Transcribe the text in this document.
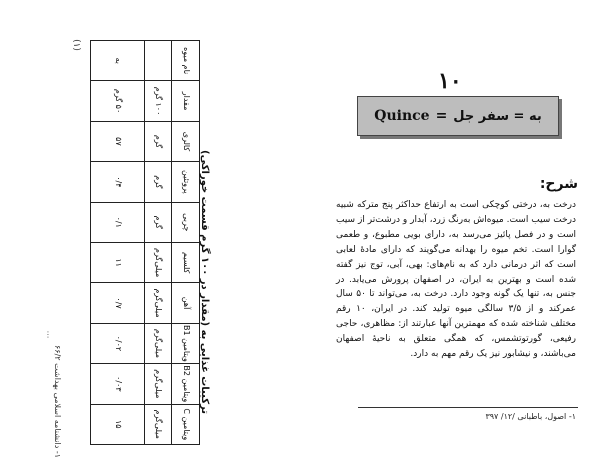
(۱)
نام میوه	مقدار	کالری	پروتئین	چربی	کلسیم	آهن	ویتامین B1	ویتامین B2	ویتامین C
	۱۰۰ گرم	گرم	گرم	گرم	میلی‌گرم	میلی‌گرم	میلی‌گرم	میلی‌گرم	میلی‌گرم
به	۵۰ گرم	۵۷	۰/۴	۰/۱	۱۱	۰/۷	۰/۰۲	۰/۰۳	۱۵
ترکیبات غذایی به (مقدار در ۱۰۰ گرم قسمت خوراکی)
۱- دانشنامه اسلامی بهداشت ۶۶/۲
⋮
۱۰
Quince = به = سفر جل
شرح:

درخت به، درختی کوچکی است به ارتفاع حداکثر پنج مترکه شبیه درخت سیب است. میوه‌اش به‌رنگ زرد، آبدار و درشت‌تر از سیب است و در فصل پائیز می‌رسد به، دارای بویی مطبوع، و طعمی گوارا است. تخم میوه را بهدانه می‌گویند که دارای مادهٔ لعابی است که اثر درمانی دارد که به نام‌های: بهی، آبی، توج نیز گفته شده است و بهترین به ایران، در اصفهان پرورش می‌یابد. در جنس به، تنها یک گونه وجود دارد. درخت به، می‌تواند تا ۵۰ سال عمرکند و از ۳/۵ سالگی میوه تولید کند. در ایران، ۱۰ رقم مختلف شناخته شده که مهمترین آنها عبارتند از: مظاهری، حاجی رفیعی، گورتوتشمس، که همگی متعلق به ناحیهٔ اصفهان می‌باشند، و نیشابور نیز یک رقم مهم به دارد.

۱- اصول، باطبانی /۱۲/ ۳۹۷
